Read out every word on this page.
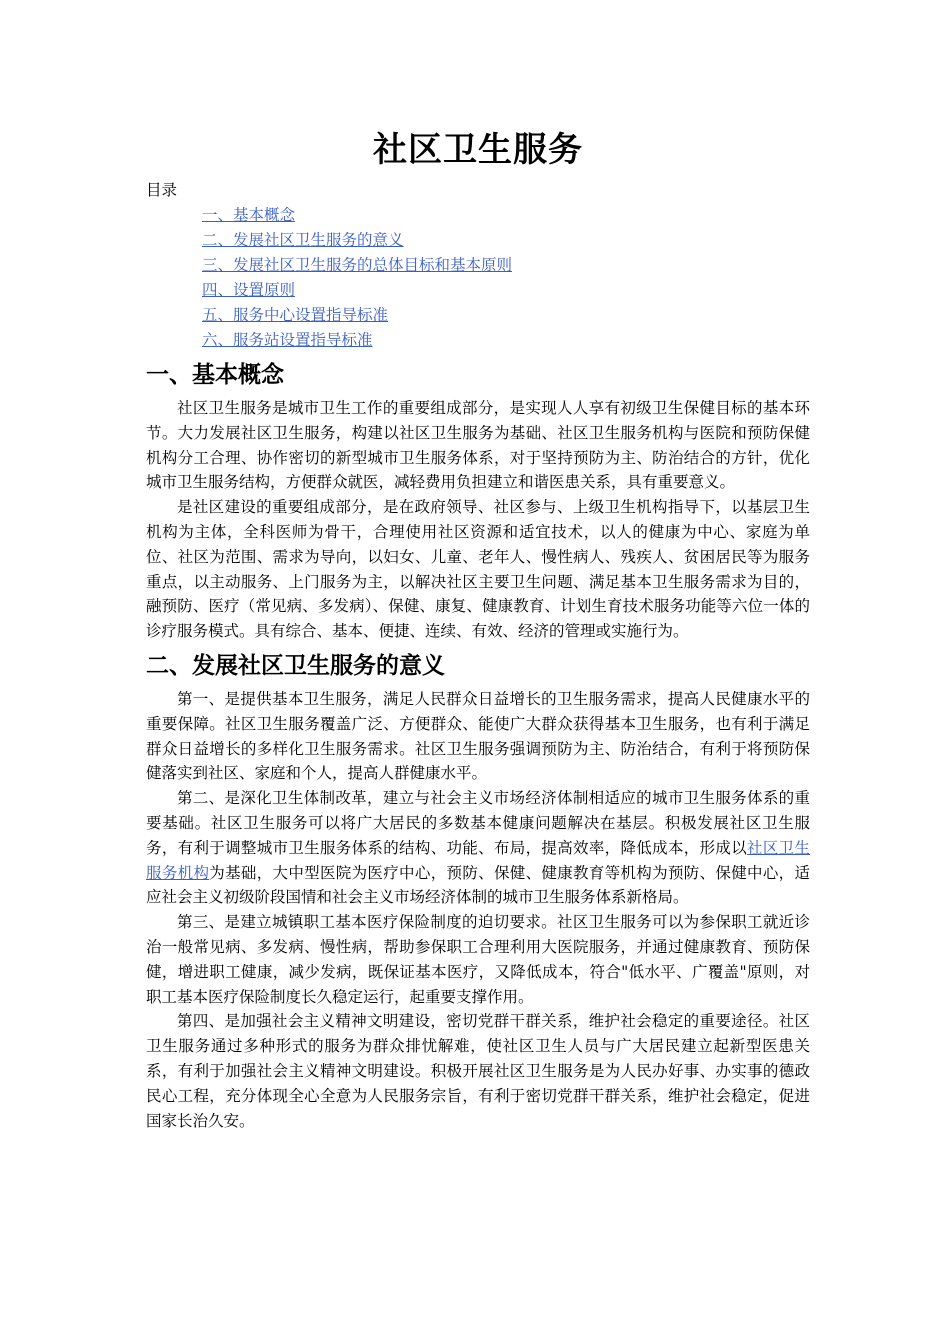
社区卫生服务

目录

一、基本概念
二、发展社区卫生服务的意义
三、发展社区卫生服务的总体目标和基本原则
四、设置原则
五、服务中心设置指导标准
六、服务站设置指导标准
一、基本概念

社区卫生服务是城市卫生工作的重要组成部分，是实现人人享有初级卫生保健目标的基本环节。大力发展社区卫生服务，构建以社区卫生服务为基础、社区卫生服务机构与医院和预防保健机构分工合理、协作密切的新型城市卫生服务体系，对于坚持预防为主、防治结合的方针，优化城市卫生服务结构，方便群众就医，减轻费用负担建立和谐医患关系，具有重要意义。

是社区建设的重要组成部分，是在政府领导、社区参与、上级卫生机构指导下，以基层卫生机构为主体，全科医师为骨干，合理使用社区资源和适宜技术，以人的健康为中心、家庭为单位、社区为范围、需求为导向，以妇女、儿童、老年人、慢性病人、残疾人、贫困居民等为服务重点，以主动服务、上门服务为主，以解决社区主要卫生问题、满足基本卫生服务需求为目的，融预防、医疗（常见病、多发病）、保健、康复、健康教育、计划生育技术服务功能等六位一体的诊疗服务模式。具有综合、基本、便捷、连续、有效、经济的管理或实施行为。

二、发展社区卫生服务的意义

第一、是提供基本卫生服务，满足人民群众日益增长的卫生服务需求，提高人民健康水平的重要保障。社区卫生服务覆盖广泛、方便群众、能使广大群众获得基本卫生服务，也有利于满足群众日益增长的多样化卫生服务需求。社区卫生服务强调预防为主、防治结合，有利于将预防保健落实到社区、家庭和个人，提高人群健康水平。

第二、是深化卫生体制改革，建立与社会主义市场经济体制相适应的城市卫生服务体系的重要基础。社区卫生服务可以将广大居民的多数基本健康问题解决在基层。积极发展社区卫生服务，有利于调整城市卫生服务体系的结构、功能、布局，提高效率，降低成本，形成以社区卫生服务机构为基础，大中型医院为医疗中心，预防、保健、健康教育等机构为预防、保健中心，适应社会主义初级阶段国情和社会主义市场经济体制的城市卫生服务体系新格局。

第三、是建立城镇职工基本医疗保险制度的迫切要求。社区卫生服务可以为参保职工就近诊治一般常见病、多发病、慢性病，帮助参保职工合理利用大医院服务，并通过健康教育、预防保健，增进职工健康，减少发病，既保证基本医疗，又降低成本，符合"低水平、广覆盖"原则，对职工基本医疗保险制度长久稳定运行，起重要支撑作用。

第四、是加强社会主义精神文明建设，密切党群干群关系，维护社会稳定的重要途径。社区卫生服务通过多种形式的服务为群众排忧解难，使社区卫生人员与广大居民建立起新型医患关系，有利于加强社会主义精神文明建设。积极开展社区卫生服务是为人民办好事、办实事的德政民心工程，充分体现全心全意为人民服务宗旨，有利于密切党群干群关系，维护社会稳定，促进国家长治久安。
